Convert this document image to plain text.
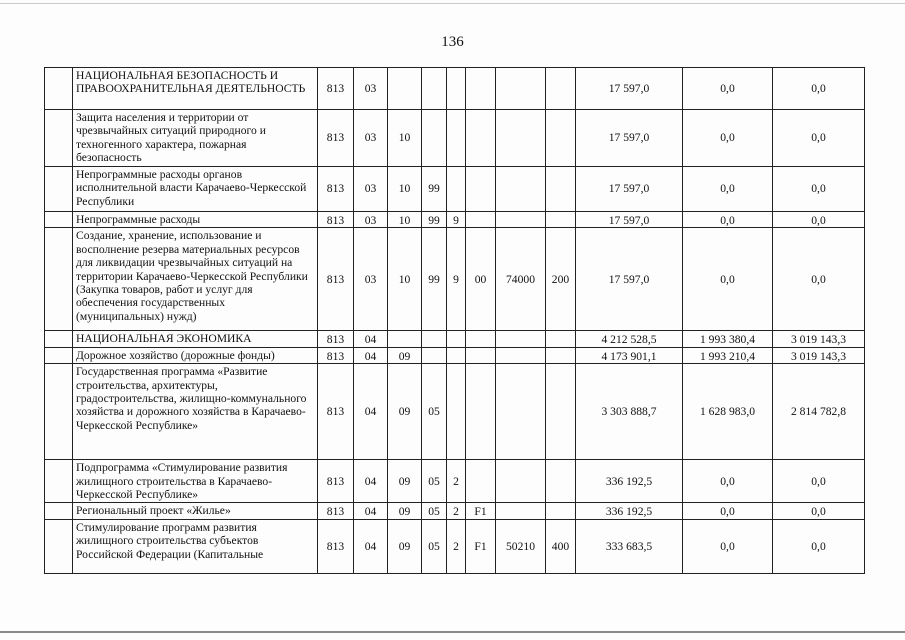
136
	НАЦИОНАЛЬНАЯ БЕЗОПАСНОСТЬ И ПРАВООХРАНИТЕЛЬНАЯ ДЕЯТЕЛЬНОСТЬ	813	03							17 597,0	0,0	0,0
	Защита населения и территории от чрезвычайных ситуаций природного и техногенного характера, пожарная безопасность	813	03	10						17 597,0	0,0	0,0
	Непрограммные расходы органов исполнительной власти Карачаево-Черкесской Республики	813	03	10	99					17 597,0	0,0	0,0
	Непрограммные расходы	813	03	10	99	9				17 597,0	0,0	0,0
	Создание, хранение, использование и восполнение резерва материальных ресурсов для ликвидации чрезвычайных ситуаций на территории Карачаево-Черкесской Республики (Закупка товаров, работ и услуг для обеспечения государственных (муниципальных) нужд)	813	03	10	99	9	00	74000	200	17 597,0	0,0	0,0
	НАЦИОНАЛЬНАЯ ЭКОНОМИКА	813	04							4 212 528,5	1 993 380,4	3 019 143,3
	Дорожное хозяйство (дорожные фонды)	813	04	09						4 173 901,1	1 993 210,4	3 019 143,3
	Государственная программа «Развитие строительства, архитектуры, градостроительства, жилищно-коммунального хозяйства и дорожного хозяйства в Карачаево-Черкесской Республике»	813	04	09	05					3 303 888,7	1 628 983,0	2 814 782,8
	Подпрограмма «Стимулирование развития жилищного строительства в Карачаево-Черкесской Республике»	813	04	09	05	2				336 192,5	0,0	0,0
	Региональный проект «Жилье»	813	04	09	05	2	F1			336 192,5	0,0	0,0
	Стимулирование программ развития жилищного строительства субъектов Российской Федерации (Капитальные	813	04	09	05	2	F1	50210	400	333 683,5	0,0	0,0
